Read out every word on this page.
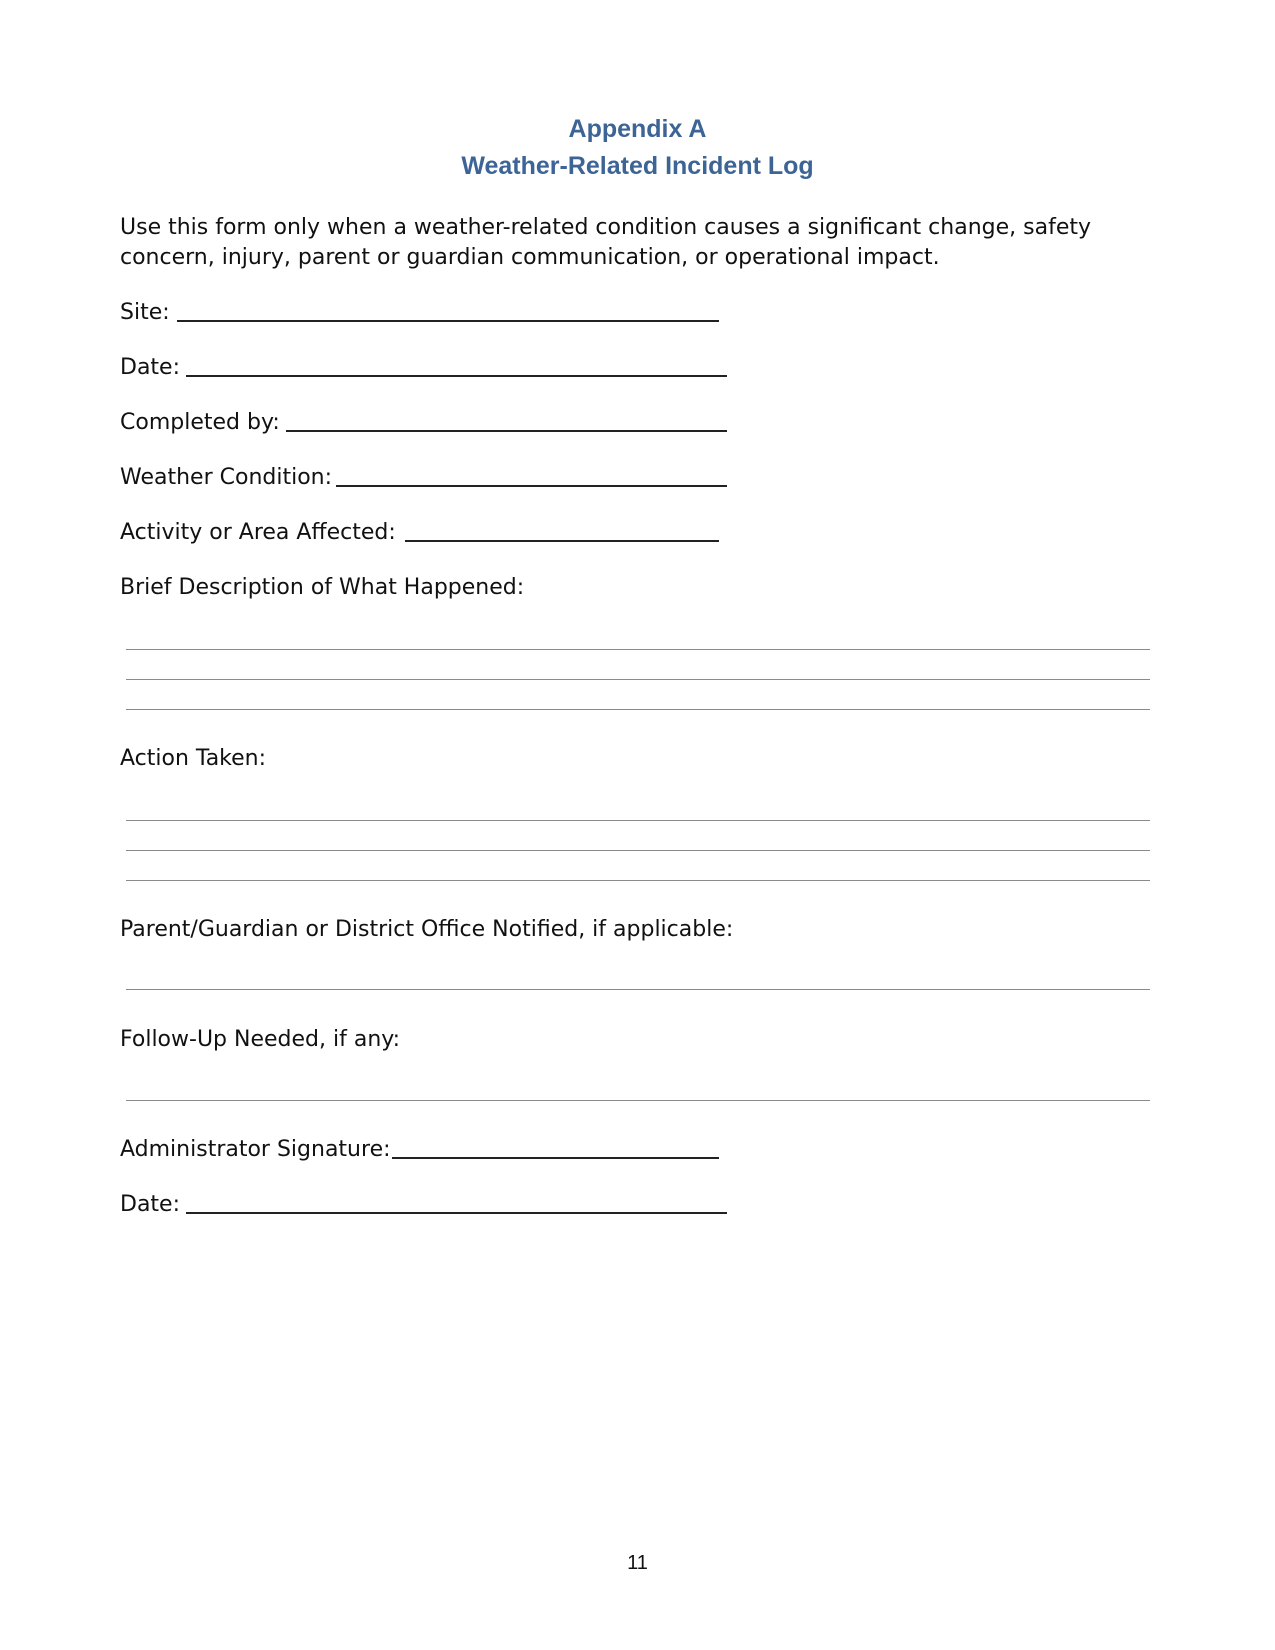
Appendix A
Weather-Related Incident Log
Use this form only when a weather-related condition causes a significant change, safety concern, injury, parent or guardian communication, or operational impact.
Site:
Date:
Completed by:
Weather Condition:
Activity or Area Affected:
Brief Description of What Happened:
Action Taken:
Parent/Guardian or District Office Notified, if applicable:
Follow-Up Needed, if any:
Administrator Signature:
Date:
11
